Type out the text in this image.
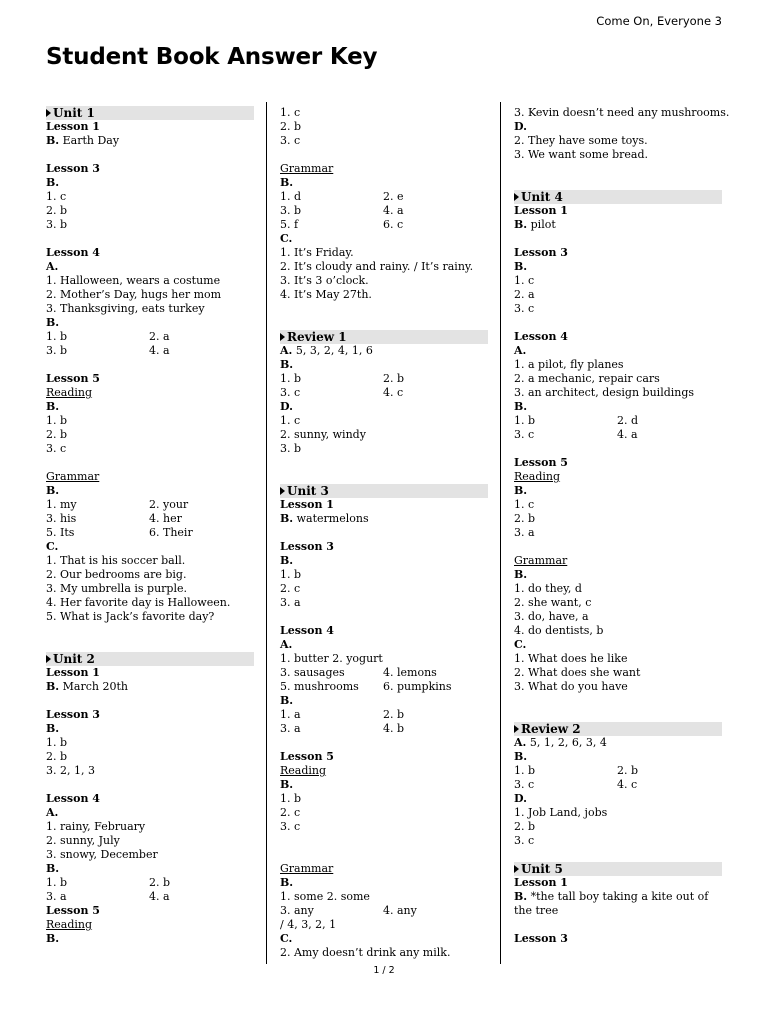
Come On, Everyone 3
Student Book Answer Key
Unit 1
Lesson 1
B. Earth Day
Lesson 3
B.
1. c
2. b
3. b
Lesson 4
A.
1. Halloween, wears a costume
2. Mother’s Day, hugs her mom
3. Thanksgiving, eats turkey
B.
1. b	2. a
3. b	4. a
Lesson 5
Reading
B.
1. b
2. b
3. c
Grammar
B.
1. my	2. your
3. his	4. her
5. Its	6. Their
C.
1. That is his soccer ball.
2. Our bedrooms are big.
3. My umbrella is purple.
4. Her favorite day is Halloween.
5. What is Jack’s favorite day?
Unit 2
Lesson 1
B. March 20th
Lesson 3
B.
1. b
2. b
3. 2, 1, 3
Lesson 4
A.
1. rainy, February
2. sunny, July
3. snowy, December
B.
1. b	2. b
3. a	4. a
Lesson 5
Reading
B.
1. c
2. b
3. c
Grammar
B.
1. d	2. e
3. b	4. a
5. f	6. c
C.
1. It’s Friday.
2. It’s cloudy and rainy. / It’s rainy.
3. It’s 3 o’clock.
4. It’s May 27th.
Review 1
A. 5, 3, 2, 4, 1, 6
B.
1. b	2. b
3. c	4. c
D.
1. c
2. sunny, windy
3. b
Unit 3
Lesson 1
B. watermelons
Lesson 3
B.
1. b
2. c
3. a
Lesson 4
A.
1. butter 2. yogurt
3. sausages	4. lemons
5. mushrooms	6. pumpkins
B.
1. a	2. b
3. a	4. b
Lesson 5
Reading
B.
1. b
2. c
3. c
Grammar
B.
1. some 2. some
3. any	4. any
/ 4, 3, 2, 1
C.
2. Amy doesn’t drink any milk.
3. Kevin doesn’t need any mushrooms.
D.
2. They have some toys.
3. We want some bread.
Unit 4
Lesson 1
B. pilot
Lesson 3
B.
1. c
2. a
3. c
Lesson 4
A.
1. a pilot, fly planes
2. a mechanic, repair cars
3. an architect, design buildings
B.
1. b	2. d
3. c	4. a
Lesson 5
Reading
B.
1. c
2. b
3. a
Grammar
B.
1. do they, d
2. she want, c
3. do, have, a
4. do dentists, b
C.
1. What does he like
2. What does she want
3. What do you have
Review 2
A. 5, 1, 2, 6, 3, 4
B.
1. b	2. b
3. c	4. c
D.
1. Job Land, jobs
2. b
3. c
Unit 5
Lesson 1
B. *the tall boy taking a kite out of the tree
Lesson 3
1 / 2
